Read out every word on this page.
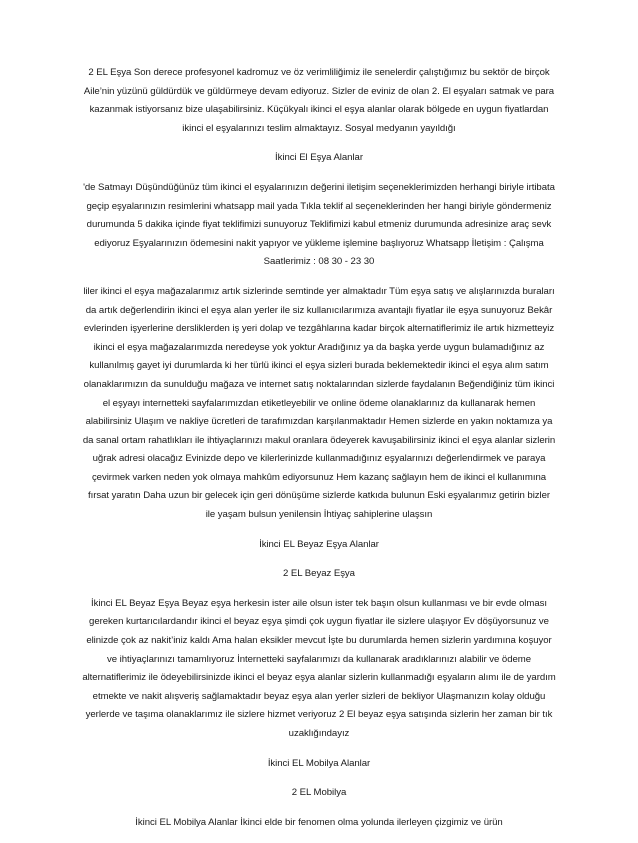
2 EL Eşya Son derece profesyonel kadromuz ve öz verimliliğimiz ile senelerdir çalıştığımız bu sektör de birçok Aile’nin yüzünü güldürdük ve güldürmeye devam ediyoruz. Sizler de eviniz de olan 2. El eşyaları satmak ve para kazanmak istiyorsanız bize ulaşabilirsiniz. Küçükyalı ikinci el eşya alanlar olarak bölgede en uygun fiyatlardan ikinci el eşyalarınızı teslim almaktayız. Sosyal medyanın yayıldığı

İkinci El Eşya Alanlar

'de Satmayı Düşündüğünüz tüm ikinci el eşyalarınızın değerini iletişim seçeneklerimizden herhangi biriyle irtibata geçip eşyalarınızın resimlerini whatsapp mail yada Tıkla teklif al seçeneklerinden her hangi biriyle göndermeniz durumunda 5 dakika içinde fiyat teklifimizi sunuyoruz Teklifimizi kabul etmeniz durumunda adresinize araç sevk ediyoruz Eşyalarınızın ödemesini nakit yapıyor ve yükleme işlemine başlıyoruz Whatsapp İletişim : Çalışma Saatlerimiz : 08 30 - 23 30

liler ikinci el eşya mağazalarımız artık sizlerinde semtinde yer almaktadır Tüm eşya satış ve alışlarınızda buraları da artık değerlendirin ikinci el eşya alan yerler ile siz kullanıcılarımıza avantajlı fiyatlar ile eşya sunuyoruz Bekâr evlerinden işyerlerine dersliklerden iş yeri dolap ve tezgâhlarına kadar birçok alternatiflerimiz ile artık hizmetteyiz ikinci el eşya mağazalarımızda neredeyse yok yoktur Aradığınız ya da başka yerde uygun bulamadığınız az kullanılmış gayet iyi durumlarda ki her türlü ikinci el eşya sizleri burada beklemektedir ikinci el eşya alım satım olanaklarımızın da sunulduğu mağaza ve internet satış noktalarından sizlerde faydalanın Beğendiğiniz tüm ikinci el eşyayı internetteki sayfalarımızdan etiketleyebilir ve online ödeme olanaklarınız da kullanarak hemen alabilirsiniz Ulaşım ve nakliye ücretleri de tarafımızdan karşılanmaktadır Hemen sizlerde en yakın noktamıza ya da sanal ortam rahatlıkları ile ihtiyaçlarınızı makul oranlara ödeyerek kavuşabilirsiniz ikinci el eşya alanlar sizlerin uğrak adresi olacağız Evinizde depo ve kilerlerinizde kullanmadığınız eşyalarınızı değerlendirmek ve paraya çevirmek varken neden yok olmaya mahkûm ediyorsunuz Hem kazanç sağlayın hem de ikinci el kullanımına fırsat yaratın Daha uzun bir gelecek için geri dönüşüme sizlerde katkıda bulunun Eski eşyalarımız getirin bizler ile yaşam bulsun yenilensin İhtiyaç sahiplerine ulaşsın

İkinci EL Beyaz Eşya Alanlar
2 EL Beyaz Eşya

İkinci EL Beyaz Eşya Beyaz eşya herkesin ister aile olsun ister tek başın olsun kullanması ve bir evde olması gereken kurtarıcılardandır ikinci el beyaz eşya şimdi çok uygun fiyatlar ile sizlere ulaşıyor Ev döşüyorsunuz ve elinizde çok az nakit’iniz kaldı Ama halan eksikler mevcut İşte bu durumlarda hemen sizlerin yardımına koşuyor ve ihtiyaçlarınızı tamamlıyoruz İnternetteki sayfalarımızı da kullanarak aradıklarınızı alabilir ve ödeme alternatiflerimiz ile ödeyebilirsinizde ikinci el beyaz eşya alanlar sizlerin kullanmadığı eşyaların alımı ile de yardım etmekte ve nakit alışveriş sağlamaktadır beyaz eşya alan yerler sizleri de bekliyor Ulaşmanızın kolay olduğu yerlerde ve taşıma olanaklarımız ile sizlere hizmet veriyoruz 2 El beyaz eşya satışında sizlerin her zaman bir tık uzaklığındayız

İkinci EL Mobilya Alanlar
2 EL Mobilya

İkinci EL Mobilya Alanlar İkinci elde bir fenomen olma yolunda ilerleyen çizgimiz ve ürün
